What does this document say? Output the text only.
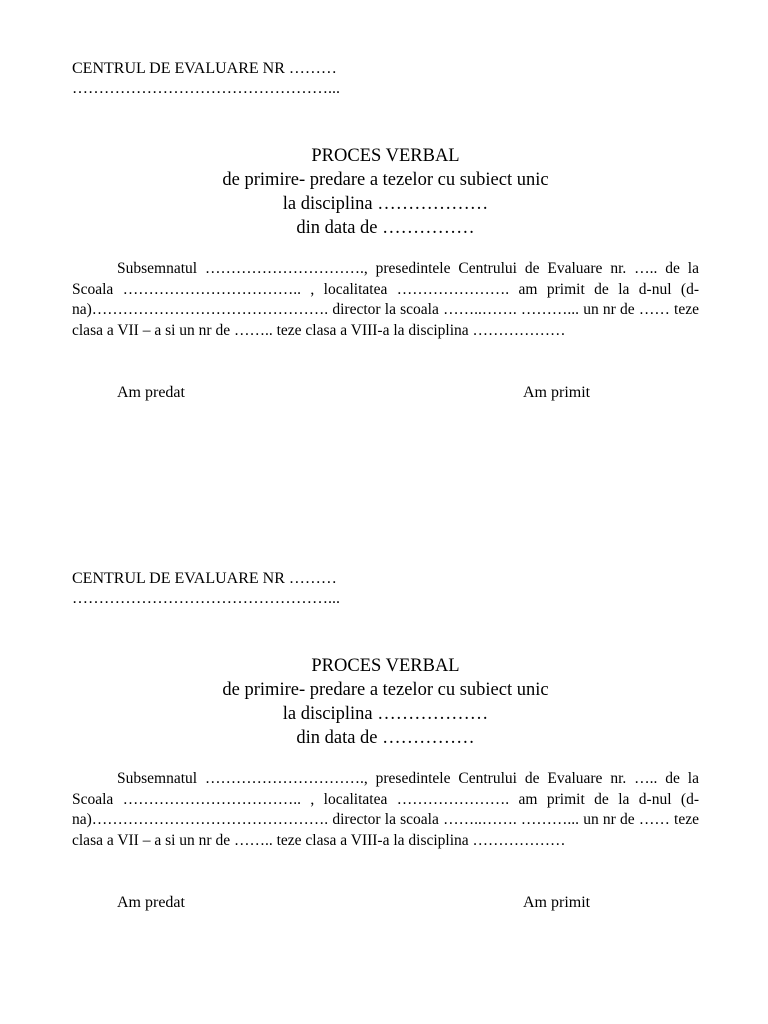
CENTRUL DE EVALUARE NR ………
…………………………………………...
PROCES VERBAL
de primire- predare a tezelor cu subiect unic
la disciplina ………………
din data de ……………
Subsemnatul …………………………., presedintele Centrului de Evaluare nr. ….. de la Scoala …………………………….. , localitatea …………………. am primit de la d-nul (d-na)………………………………………. director la scoala ……..……. ………... un nr de …… teze clasa a VII – a si un nr de …….. teze clasa a VIII-a la disciplina ………………
Am predat	Am primit
CENTRUL DE EVALUARE NR ………
…………………………………………...
PROCES VERBAL
de primire- predare a tezelor cu subiect unic
la disciplina ………………
din data de ……………
Subsemnatul …………………………., presedintele Centrului de Evaluare nr. ….. de la Scoala …………………………….. , localitatea …………………. am primit de la d-nul (d-na)………………………………………. director la scoala ……..……. ………... un nr de …… teze clasa a VII – a si un nr de …….. teze clasa a VIII-a la disciplina ………………
Am predat	Am primit
